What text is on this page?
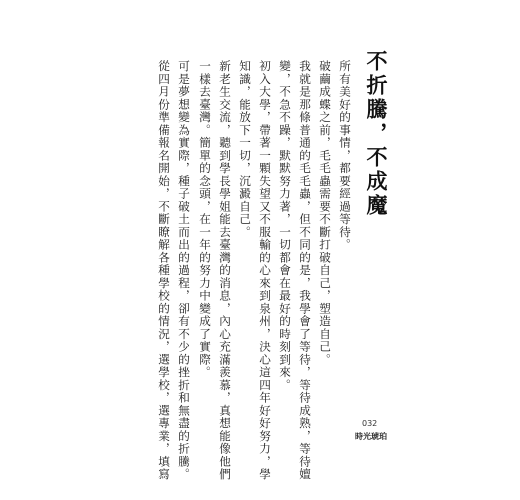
不折騰，不成魔

所有美好的事情，都要經過等待。

破繭成蝶之前，毛毛蟲需要不斷打破自己，塑造自己。

我就是那條普通的毛毛蟲，但不同的是，我學會了等待，等待成熟，等待嬗

變，不急不躁，默默努力著，一切都會在最好的時刻到來。

初入大學，帶著一顆失望又不服輸的心來到泉州，決心這四年好好努力，學

知識，能放下一切，沉澱自己。

新老生交流，聽到學長學姐能去臺灣的消息，內心充滿羨慕，真想能像他們

一樣去臺灣。簡單的念頭，在一年的努力中變成了實際。

可是夢想變為實際，種子破土而出的過程，卻有不少的挫折和無盡的折騰。

從四月份準備報名開始，不斷瞭解各種學校的情況，選學校，選專業，填寫	032
時光琥珀
